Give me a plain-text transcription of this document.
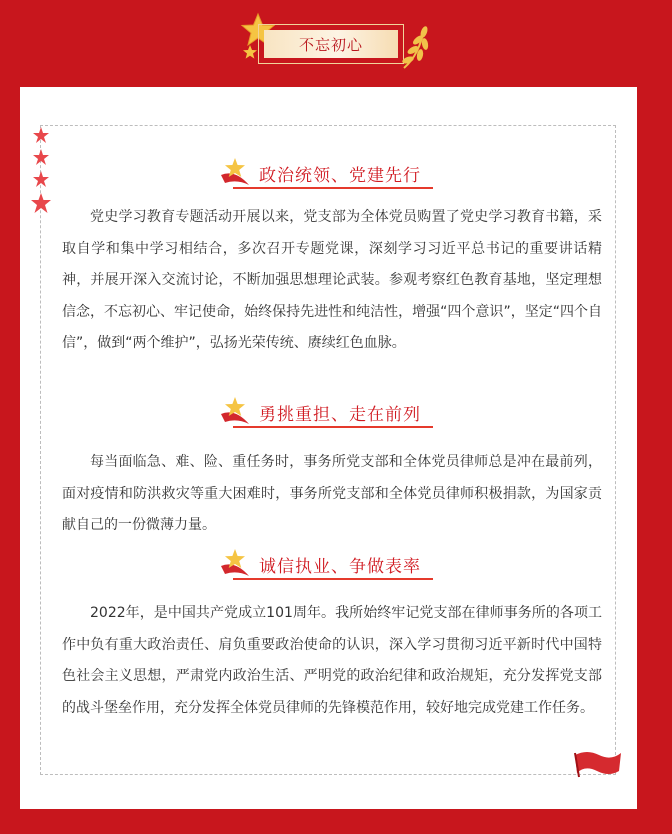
不忘初心
政治统领、党建先行

党史学习教育专题活动开展以来，党支部为全体党员购置了党史学习教育书籍，采取自学和集中学习相结合，多次召开专题党课，深刻学习习近平总书记的重要讲话精神，并展开深入交流讨论，不断加强思想理论武装。参观考察红色教育基地，坚定理想信念，不忘初心、牢记使命，始终保持先进性和纯洁性，增强“四个意识”，坚定“四个自信”，做到“两个维护”，弘扬光荣传统、赓续红色血脉。

勇挑重担、走在前列

每当面临急、难、险、重任务时，事务所党支部和全体党员律师总是冲在最前列，面对疫情和防洪救灾等重大困难时，事务所党支部和全体党员律师积极捐款，为国家贡献自己的一份微薄力量。

诚信执业、争做表率

2022年，是中国共产党成立101周年。我所始终牢记党支部在律师事务所的各项工作中负有重大政治责任、肩负重要政治使命的认识，深入学习贯彻习近平新时代中国特色社会主义思想，严肃党内政治生活、严明党的政治纪律和政治规矩，充分发挥党支部的战斗堡垒作用，充分发挥全体党员律师的先锋模范作用，较好地完成党建工作任务。
